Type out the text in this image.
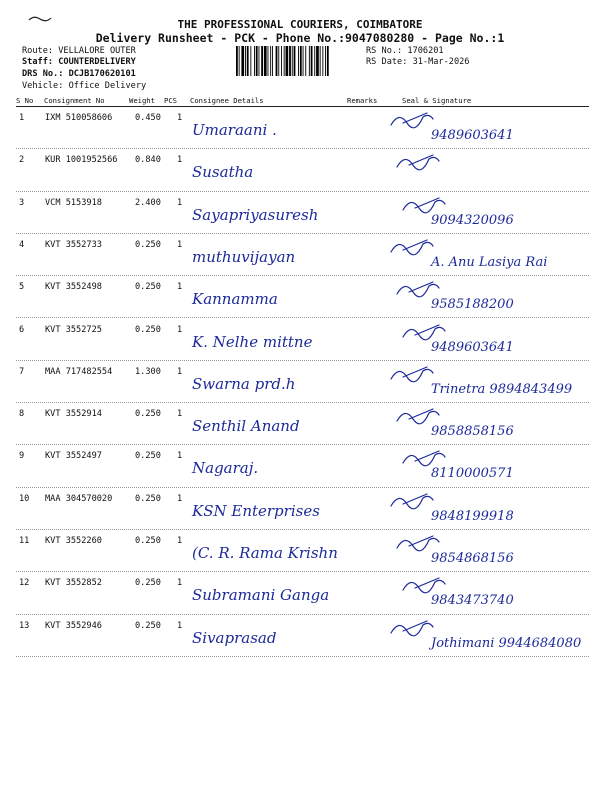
THE PROFESSIONAL COURIERS, COIMBATORE
Delivery Runsheet - PCK - Phone No.:9047080280 - Page No.:1
Route: VELLALORE OUTER
Staff: COUNTERDELIVERY
DRS No.: DCJB170620101
Vehicle: Office Delivery
RS No.: 1706201
RS Date: 31-Mar-2026
S No Consignment No	Weight PCS Consignee Details	Remarks	Seal & Signature
1 IXM 510058606	0.450 1
Umaraani .	9489603641
2 KUR 1001952566 0.840 1
Susatha
3 VCM 5153918	2.400 1
Sayapriyasuresh	9094320096
4 KVT 3552733	0.250 1
muthuvijayan	A. Anu Lasiya Rai
5 KVT 3552498	0.250 1
Kannamma	9585188200
6 KVT 3552725	0.250 1
K. Nelhe mittne	9489603641
7 MAA 717482554	1.300 1
Swarna prd.h	Trinetra 9894843499
8 KVT 3552914	0.250 1
Senthil Anand	9858858156
9 KVT 3552497	0.250 1
Nagaraj.	8110000571
10 MAA 304570020	0.250 1
KSN Enterprises	9848199918
11 KVT 3552260	0.250 1
(C. R. Rama Krishn	9854868156
12 KVT 3552852	0.250 1
Subramani Ganga	9843473740
13 KVT 3552946	0.250 1
Sivaprasad	Jothimani 9944684080
